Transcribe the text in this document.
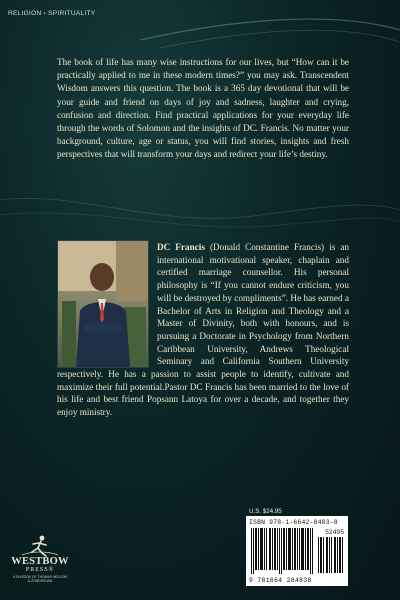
RELIGION › SPIRITUALITY

The book of life has many wise instructions for our lives, but “How can it be practically applied to me in these modern times?” you may ask. Transcendent Wisdom answers this question. The book is a 365 day devotional that will be your guide and friend on days of joy and sadness, laughter and crying, confusion and direction. Find practical applications for your everyday life through the words of Solomon and the insights of DC. Francis. No matter your background, culture, age or status, you will find stories, insights and fresh perspectives that will transform your days and redirect your life’s destiny.

DC Francis (Donald Constantine Francis) is an international motivational speaker, chaplain and certified marriage counsellor. His personal philosophy is “If you cannot endure criticism, you will be destroyed by compliments”. He has earned a Bachelor of Arts in Religion and Theology and a Master of Divinity, both with honours, and is pursuing a Doctorate in Psychology from Northern Caribbean University, Andrews Theological Seminary and California Southern University respectively. He has a passion to assist people to identify, cultivate and maximize their full potential.Pastor DC Francis has been married to the love of his life and best friend Popsann Latoya for over a decade, and together they enjoy ministry.

U.S. $24.95
ISBN 978-1-6642-8483-8
52495
9 781664 284838
WESTBOW
PRESS®
A DIVISION OF THOMAS NELSON
& ZONDERVAN
